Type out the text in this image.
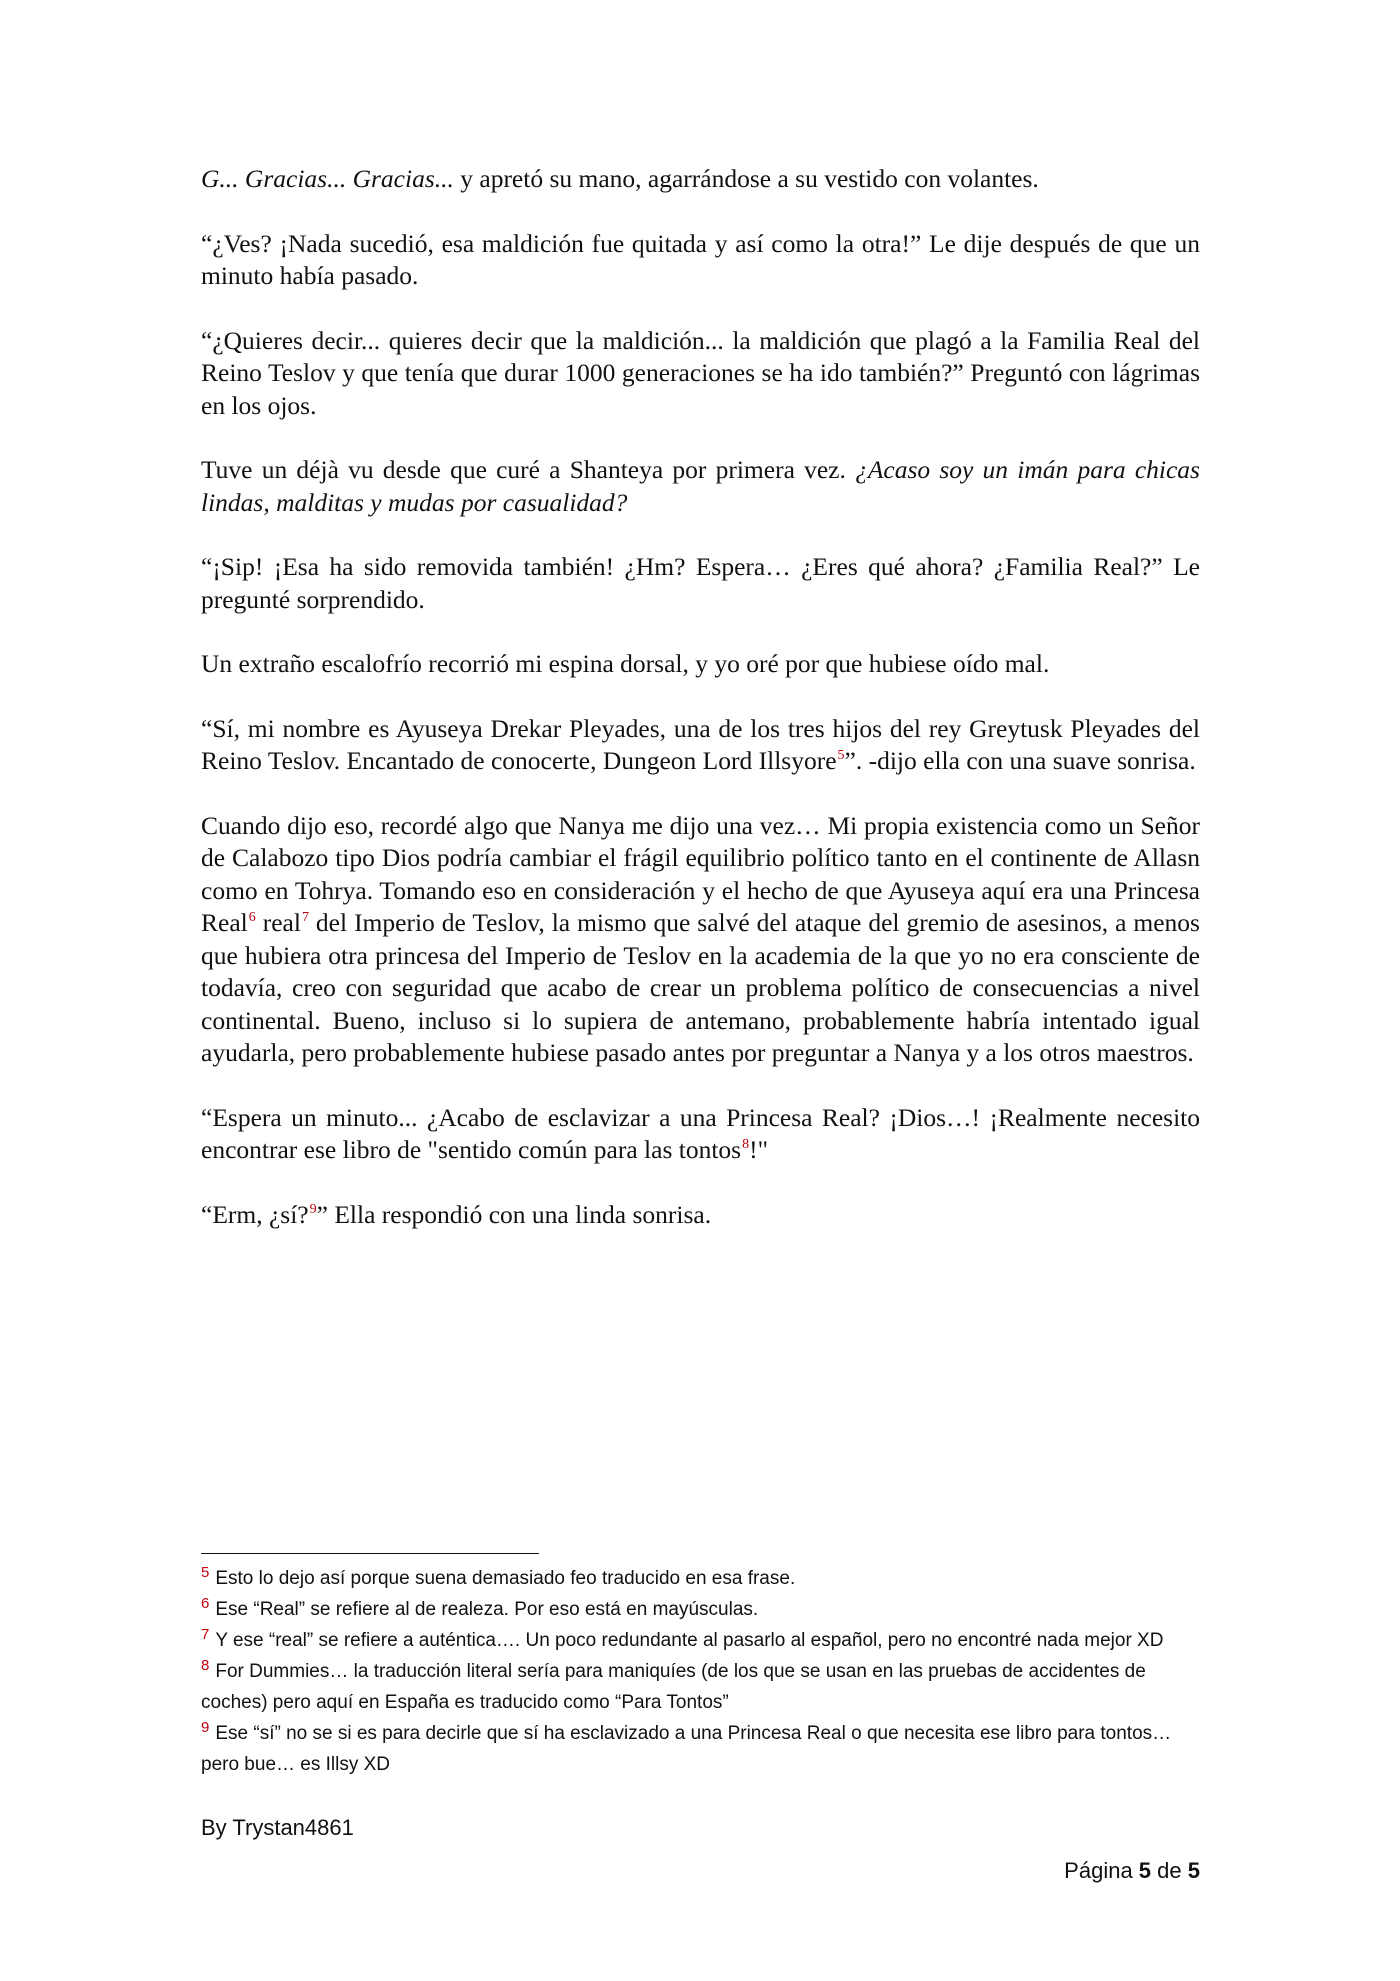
G... Gracias... Gracias... y apretó su mano, agarrándose a su vestido con volantes.

“¿Ves? ¡Nada sucedió, esa maldición fue quitada y así como la otra!” Le dije después de que un minuto había pasado.

“¿Quieres decir... quieres decir que la maldición... la maldición que plagó a la Familia Real del Reino Teslov y que tenía que durar 1000 generaciones se ha ido también?” Preguntó con lágrimas en los ojos.

Tuve un déjà vu desde que curé a Shanteya por primera vez. ¿Acaso soy un imán para chicas lindas, malditas y mudas por casualidad?

“¡Sip! ¡Esa ha sido removida también! ¿Hm? Espera… ¿Eres qué ahora? ¿Familia Real?” Le pregunté sorprendido.

Un extraño escalofrío recorrió mi espina dorsal, y yo oré por que hubiese oído mal.

“Sí, mi nombre es Ayuseya Drekar Pleyades, una de los tres hijos del rey Greytusk Pleyades del Reino Teslov. Encantado de conocerte, Dungeon Lord Illsyore$^5$”. -dijo ella con una suave sonrisa.

Cuando dijo eso, recordé algo que Nanya me dijo una vez… Mi propia existencia como un Señor de Calabozo tipo Dios podría cambiar el frágil equilibrio político tanto en el continente de Allasn como en Tohrya. Tomando eso en consideración y el hecho de que Ayuseya aquí era una Princesa Real$^6$ real$^7$ del Imperio de Teslov, la mismo que salvé del ataque del gremio de asesinos, a menos que hubiera otra princesa del Imperio de Teslov en la academia de la que yo no era consciente de todavía, creo con seguridad que acabo de crear un problema político de consecuencias a nivel continental. Bueno, incluso si lo supiera de antemano, probablemente habría intentado igual ayudarla, pero probablemente hubiese pasado antes por preguntar a Nanya y a los otros maestros.

“Espera un minuto... ¿Acabo de esclavizar a una Princesa Real? ¡Dios…! ¡Realmente necesito encontrar ese libro de "sentido común para las tontos$^8$!"

“Erm, ¿sí?$^9$” Ella respondió con una linda sonrisa.

$^5$ Esto lo dejo así porque suena demasiado feo traducido en esa frase.

$^6$ Ese “Real” se refiere al de realeza. Por eso está en mayúsculas.

$^7$ Y ese “real” se refiere a auténtica…. Un poco redundante al pasarlo al español, pero no encontré nada mejor XD

$^8$ For Dummies… la traducción literal sería para maniquíes (de los que se usan en las pruebas de accidentes de coches) pero aquí en España es traducido como “Para Tontos”

$^9$ Ese “sí” no se si es para decirle que sí ha esclavizado a una Princesa Real o que necesita ese libro para tontos… pero bue… es Illsy XD

By Trystan4861
Página 5 de 5
